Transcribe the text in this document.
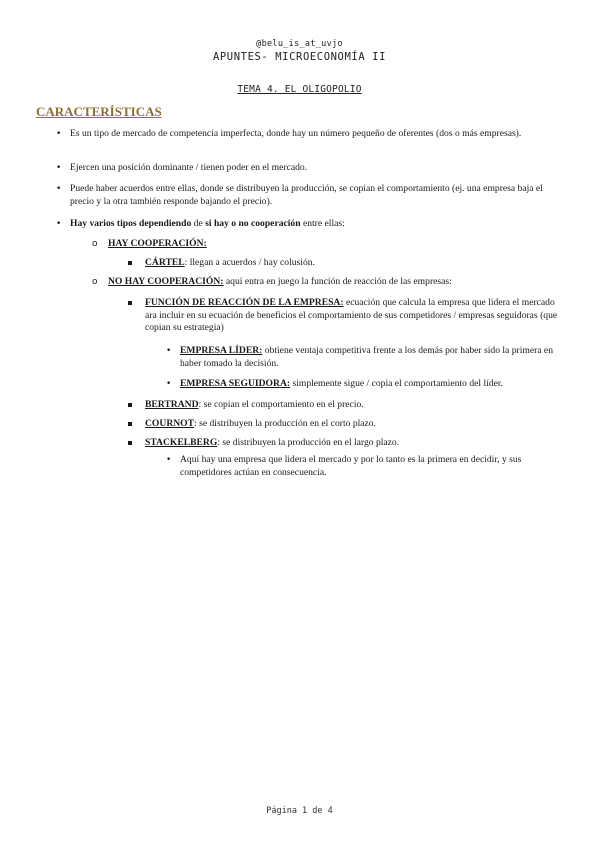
@belu_is_at_uvjo
APUNTES- MICROECONOMÍA II
TEMA 4. EL OLIGOPOLIO
CARACTERÍSTICAS
• Es un tipo de mercado de competencia imperfecta, donde hay un número pequeño de oferentes (dos o más empresas).
• Ejercen una posición dominante / tienen poder en el mercado.
• Puede haber acuerdos entre ellas, donde se distribuyen la producción, se copian el comportamiento (ej. una empresa baja el precio y la otra también responde bajando el precio).
• Hay varios tipos dependiendo de si hay o no cooperación entre ellas:
o HAY COOPERACIÓN:
CÁRTEL: llegan a acuerdos / hay colusión.
o NO HAY COOPERACIÓN: aquí entra en juego la función de reacción de las empresas:
FUNCIÓN DE REACCIÓN DE LA EMPRESA: ecuación que calcula la empresa que lidera el mercado ara incluir en su ecuación de beneficios el comportamiento de sus competidores / empresas seguidoras (que copian su estrategia)
• EMPRESA LÍDER: obtiene ventaja competitiva frente a los demás por haber sido la primera en haber tomado la decisión.
• EMPRESA SEGUIDORA: simplemente sigue / copia el comportamiento del líder.
BERTRAND: se copian el comportamiento en el precio.
COURNOT: se distribuyen la producción en el corto plazo.
STACKELBERG: se distribuyen la producción en el largo plazo.
• Aquí hay una empresa que lidera el mercado y por lo tanto es la primera en decidir, y sus competidores actúan en consecuencia.
Página 1 de 4
